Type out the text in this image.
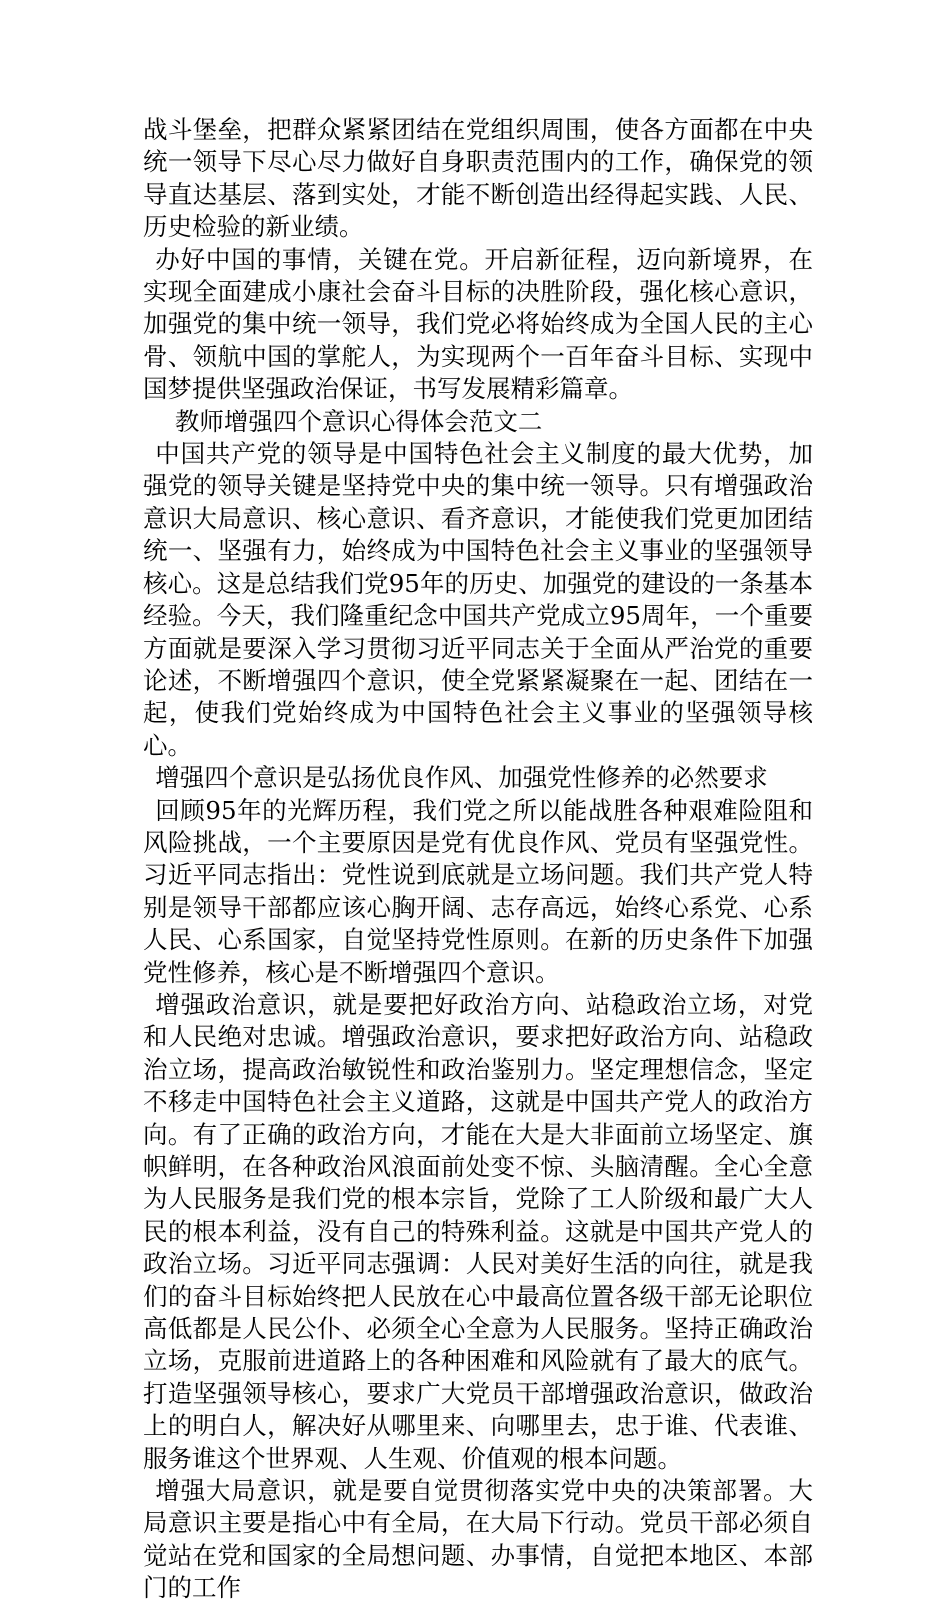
战斗堡垒，把群众紧紧团结在党组织周围，使各方面都在中央统一领导下尽心尽力做好自身职责范围内的工作，确保党的领导直达基层、落到实处，才能不断创造出经得起实践、人民、历史检验的新业绩。

办好中国的事情，关键在党。开启新征程，迈向新境界，在实现全面建成小康社会奋斗目标的决胜阶段，强化核心意识，加强党的集中统一领导，我们党必将始终成为全国人民的主心骨、领航中国的掌舵人，为实现两个一百年奋斗目标、实现中国梦提供坚强政治保证，书写发展精彩篇章。

教师增强四个意识心得体会范文二

中国共产党的领导是中国特色社会主义制度的最大优势，加强党的领导关键是坚持党中央的集中统一领导。只有增强政治意识大局意识、核心意识、看齐意识，才能使我们党更加团结统一、坚强有力，始终成为中国特色社会主义事业的坚强领导核心。这是总结我们党95年的历史、加强党的建设的一条基本经验。今天，我们隆重纪念中国共产党成立95周年，一个重要方面就是要深入学习贯彻习近平同志关于全面从严治党的重要论述，不断增强四个意识，使全党紧紧凝聚在一起、团结在一起，使我们党始终成为中国特色社会主义事业的坚强领导核心。

增强四个意识是弘扬优良作风、加强党性修养的必然要求

回顾95年的光辉历程，我们党之所以能战胜各种艰难险阻和风险挑战，一个主要原因是党有优良作风、党员有坚强党性。习近平同志指出：党性说到底就是立场问题。我们共产党人特别是领导干部都应该心胸开阔、志存高远，始终心系党、心系人民、心系国家，自觉坚持党性原则。在新的历史条件下加强党性修养，核心是不断增强四个意识。

增强政治意识，就是要把好政治方向、站稳政治立场，对党和人民绝对忠诚。增强政治意识，要求把好政治方向、站稳政治立场，提高政治敏锐性和政治鉴别力。坚定理想信念，坚定不移走中国特色社会主义道路，这就是中国共产党人的政治方向。有了正确的政治方向，才能在大是大非面前立场坚定、旗帜鲜明，在各种政治风浪面前处变不惊、头脑清醒。全心全意为人民服务是我们党的根本宗旨，党除了工人阶级和最广大人民的根本利益，没有自己的特殊利益。这就是中国共产党人的政治立场。习近平同志强调：人民对美好生活的向往，就是我们的奋斗目标始终把人民放在心中最高位置各级干部无论职位高低都是人民公仆、必须全心全意为人民服务。坚持正确政治立场，克服前进道路上的各种困难和风险就有了最大的底气。打造坚强领导核心，要求广大党员干部增强政治意识，做政治上的明白人，解决好从哪里来、向哪里去，忠于谁、代表谁、服务谁这个世界观、人生观、价值观的根本问题。

增强大局意识，就是要自觉贯彻落实党中央的决策部署。大局意识主要是指心中有全局，在大局下行动。党员干部必须自觉站在党和国家的全局想问题、办事情，自觉把本地区、本部门的工作
